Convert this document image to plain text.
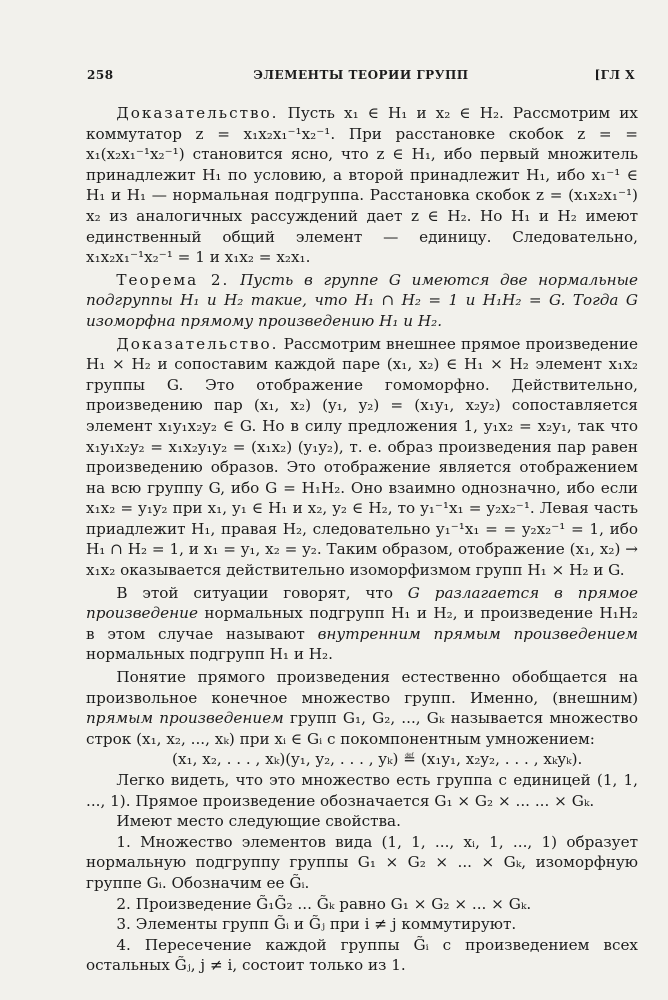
258	ЭЛЕМЕНТЫ ТЕОРИИ ГРУПП	[ГЛ X

Доказательство. Пусть x₁ ∈ H₁ и x₂ ∈ H₂. Рассмотрим их коммутатор z = x₁x₂x₁⁻¹x₂⁻¹. При расстановке скобок z = = x₁(x₂x₁⁻¹x₂⁻¹) становится ясно, что z ∈ H₁, ибо первый множитель принадлежит H₁ по условию, а второй принадлежит H₁, ибо x₁⁻¹ ∈ H₁ и H₁ — нормальная подгруппа. Расстановка скобок z = (x₁x₂x₁⁻¹) x₂ из аналогичных рассуждений дает z ∈ H₂. Но H₁ и H₂ имеют единственный общий элемент — единицу. Следовательно, x₁x₂x₁⁻¹x₂⁻¹ = 1 и x₁x₂ = x₂x₁.

Теорема 2. Пусть в группе G имеются две нормальные подгруппы H₁ и H₂ такие, что H₁ ∩ H₂ = 1 и H₁H₂ = G. Тогда G изоморфна прямому произведению H₁ и H₂.

Доказательство. Рассмотрим внешнее прямое произведение H₁ × H₂ и сопоставим каждой паре (x₁, x₂) ∈ H₁ × H₂ элемент x₁x₂ группы G. Это отображение гомоморфно. Действительно, произведению пар (x₁, x₂) (y₁, y₂) = (x₁y₁, x₂y₂) сопоставляется элемент x₁y₁x₂y₂ ∈ G. Но в силу предложения 1, y₁x₂ = x₂y₁, так что x₁y₁x₂y₂ = x₁x₂y₁y₂ = (x₁x₂) (y₁y₂), т. е. образ произведения пар равен произведению образов. Это отображение является отображением на всю группу G, ибо G = H₁H₂. Оно взаимно однозначно, ибо если x₁x₂ = y₁y₂ при x₁, y₁ ∈ H₁ и x₂, y₂ ∈ H₂, то y₁⁻¹x₁ = y₂x₂⁻¹. Левая часть приадлежит H₁, правая H₂, следовательно y₁⁻¹x₁ = = y₂x₂⁻¹ = 1, ибо H₁ ∩ H₂ = 1, и x₁ = y₁, x₂ = y₂. Таким образом, отображение (x₁, x₂) → x₁x₂ оказывается действительно изоморфизмом групп H₁ × H₂ и G.

В этой ситуации говорят, что G разлагается в прямое произведение нормальных подгрупп H₁ и H₂, и произведение H₁H₂ в этом случае называют внутренним прямым произведением нормальных подгрупп H₁ и H₂.

Понятие прямого произведения естественно обобщается на произвольное конечное множество групп. Именно, (внешним) прямым произведением групп G₁, G₂, ..., Gₖ называется множество строк (x₁, x₂, ..., xₖ) при xᵢ ∈ Gᵢ с покомпонентным умножением:

(x₁, x₂, . . . , xₖ)(y₁, y₂, . . . , yₖ) ≝ (x₁y₁, x₂y₂, . . . , xₖyₖ).

Легко видеть, что это множество есть группа с единицей (1, 1, ..., 1). Прямое произведение обозначается G₁ × G₂ × ... ... × Gₖ.

Имеют место следующие свойства.

1. Множество элементов вида (1, 1, ..., xᵢ, 1, ..., 1) образует нормальную подгруппу группы G₁ × G₂ × ... × Gₖ, изоморфную группе Gᵢ. Обозначим ее G̃ᵢ.

2. Произведение G̃₁G̃₂ ... G̃ₖ равно G₁ × G₂ × ... × Gₖ.

3. Элементы групп G̃ᵢ и G̃ⱼ при i ≠ j коммутируют.

4. Пересечение каждой группы G̃ᵢ с произведением всех остальных G̃ⱼ, j ≠ i, состоит только из 1.
